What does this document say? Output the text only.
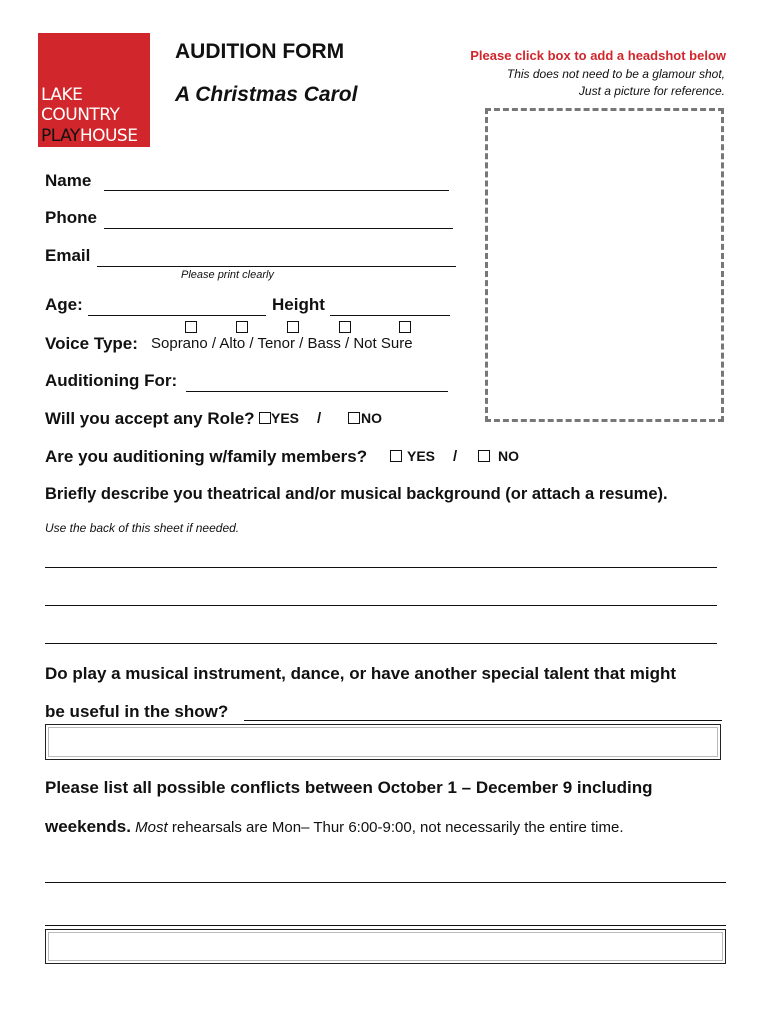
LAKE
COUNTRY
PLAYHOUSE
AUDITION FORM
A Christmas Carol
Please click box to add a headshot below
This does not need to be a glamour shot,
Just a picture for reference.
Name
Phone
Email
Please print clearly
Age:	Height
Voice Type: Soprano / Alto / Tenor / Bass / Not Sure
Auditioning For:
Will you accept any Role? YES /	NO
Are you auditioning w/family members?	YES /	NO
Briefly describe you theatrical and/or musical background (or attach a resume).
Use the back of this sheet if needed.
Do play a musical instrument, dance, or have another special talent that might
be useful in the show?
Please list all possible conflicts between October 1 – December 9 including
weekends. Most rehearsals are Mon– Thur 6:00-9:00, not necessarily the entire time.
